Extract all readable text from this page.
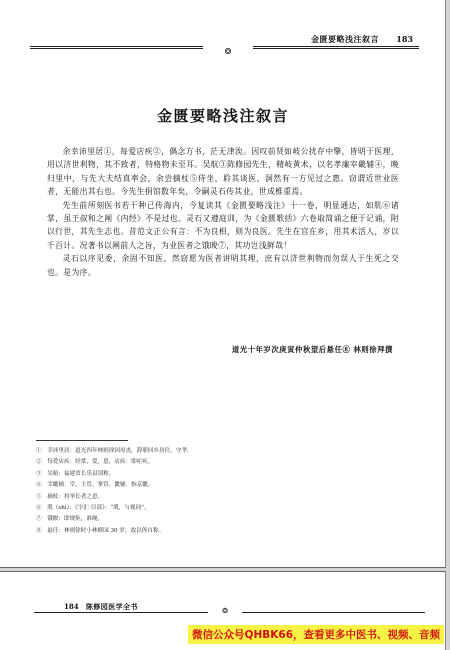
❂
金匮要略浅注叙言 183
金匮要略浅注叙言

余幸沛里居①，每爱店疾②，偶念方书，茫无津涘。因叹前贤如岐公扰存中擎，皆明于医理，用以济世利物，其不致者，特格物未至耳。吴航③陈修园先生，精岐黄术，以名孝廉宰畿辅④，晚归里中，与先大夫结真率会，余尝摘杖⑤侍坐，聆其谈医，洞然有一方见过之惠。窃谓近世业医者，无能出其右也。今先生捐馆数年矣，令嗣灵石传其业，世成椎重焉。

先生前所刻医书若干种已传海内，今复读其《金匮要略浅注》十一卷，明显通达，如肌⑥诸掌，虽王叔和之阐《内经》不是过也。灵石又遵庭训，为《金匮歌括》六卷取简诵之便于记诵，附以行世，其先生志也。昔范文正公有言：不为良相，则为良医。先生在官在乡，用其术活人，岁以千百计。况著书以阐前人之旨，为业医者之饿晙⑦，其功岂浅鲜哉！

灵石以序见委，余固不知医，然窃愿为医者讲明其理，庶有以济世利物而勿误人于生死之交也。是为序。

道光十年岁次庚寅仲秋望后悬任⑧ 林则徐拜撰
①　幸沛里居：道光四年林则徐因母丧，辞职回乡居住，守孝。
②　每爱店疾：经常，爱，患，店疾：即疟疾。
③　吴航：福建省长乐县别称。
④　宰畿辅：宰，主管。掌管。畿辅：指京畿。
⑤　摘杖：持举长者之意。
⑥　肌（shì）：《字汇·目部》：“肌，与视同”。
⑦　饿晙：即规矩，准绳。
⑧　悬任：林则徐时小林修园 30 岁，故以侄自称。
184 陈修园医学全书	❂
微信公众号QHBK66，查看更多中医书、视频、音频
